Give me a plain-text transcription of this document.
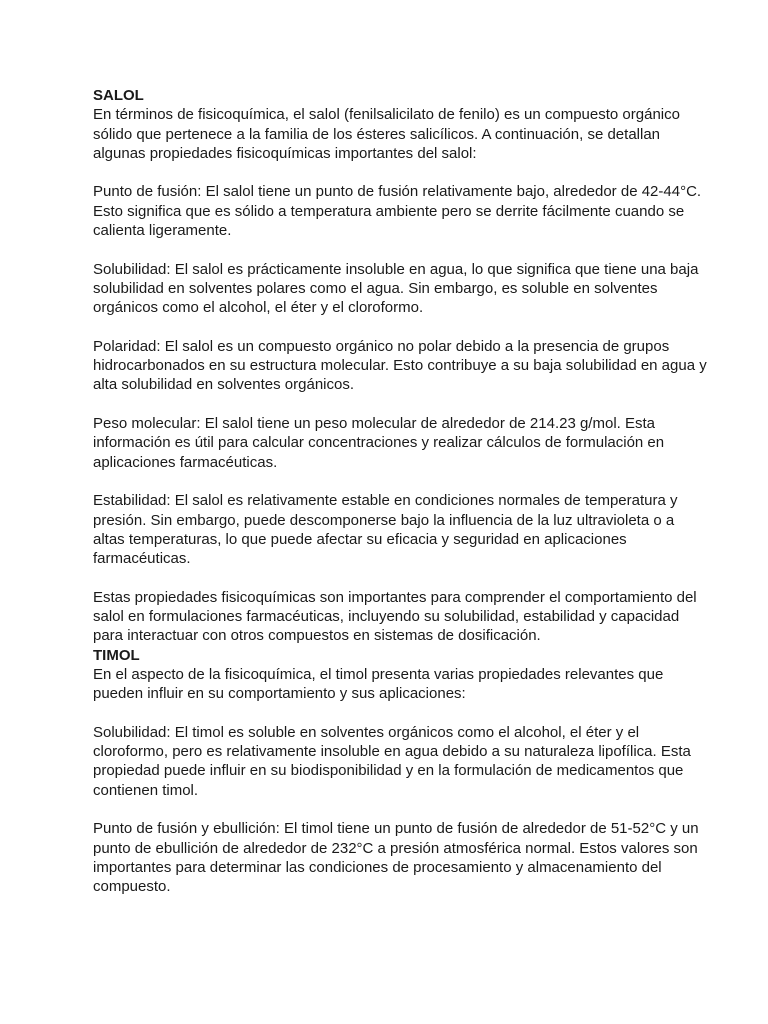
SALOL

En términos de fisicoquímica, el salol (fenilsalicilato de fenilo) es un compuesto orgánico sólido que pertenece a la familia de los ésteres salicílicos. A continuación, se detallan algunas propiedades fisicoquímicas importantes del salol:

Punto de fusión: El salol tiene un punto de fusión relativamente bajo, alrededor de 42-44°C. Esto significa que es sólido a temperatura ambiente pero se derrite fácilmente cuando se calienta ligeramente.

Solubilidad: El salol es prácticamente insoluble en agua, lo que significa que tiene una baja solubilidad en solventes polares como el agua. Sin embargo, es soluble en solventes orgánicos como el alcohol, el éter y el cloroformo.

Polaridad: El salol es un compuesto orgánico no polar debido a la presencia de grupos hidrocarbonados en su estructura molecular. Esto contribuye a su baja solubilidad en agua y alta solubilidad en solventes orgánicos.

Peso molecular: El salol tiene un peso molecular de alrededor de 214.23 g/mol. Esta información es útil para calcular concentraciones y realizar cálculos de formulación en aplicaciones farmacéuticas.

Estabilidad: El salol es relativamente estable en condiciones normales de temperatura y presión. Sin embargo, puede descomponerse bajo la influencia de la luz ultravioleta o a altas temperaturas, lo que puede afectar su eficacia y seguridad en aplicaciones farmacéuticas.

Estas propiedades fisicoquímicas son importantes para comprender el comportamiento del salol en formulaciones farmacéuticas, incluyendo su solubilidad, estabilidad y capacidad para interactuar con otros compuestos en sistemas de dosificación.

TIMOL

En el aspecto de la fisicoquímica, el timol presenta varias propiedades relevantes que pueden influir en su comportamiento y sus aplicaciones:

Solubilidad: El timol es soluble en solventes orgánicos como el alcohol, el éter y el cloroformo, pero es relativamente insoluble en agua debido a su naturaleza lipofílica. Esta propiedad puede influir en su biodisponibilidad y en la formulación de medicamentos que contienen timol.

Punto de fusión y ebullición: El timol tiene un punto de fusión de alrededor de 51-52°C y un punto de ebullición de alrededor de 232°C a presión atmosférica normal. Estos valores son importantes para determinar las condiciones de procesamiento y almacenamiento del compuesto.
